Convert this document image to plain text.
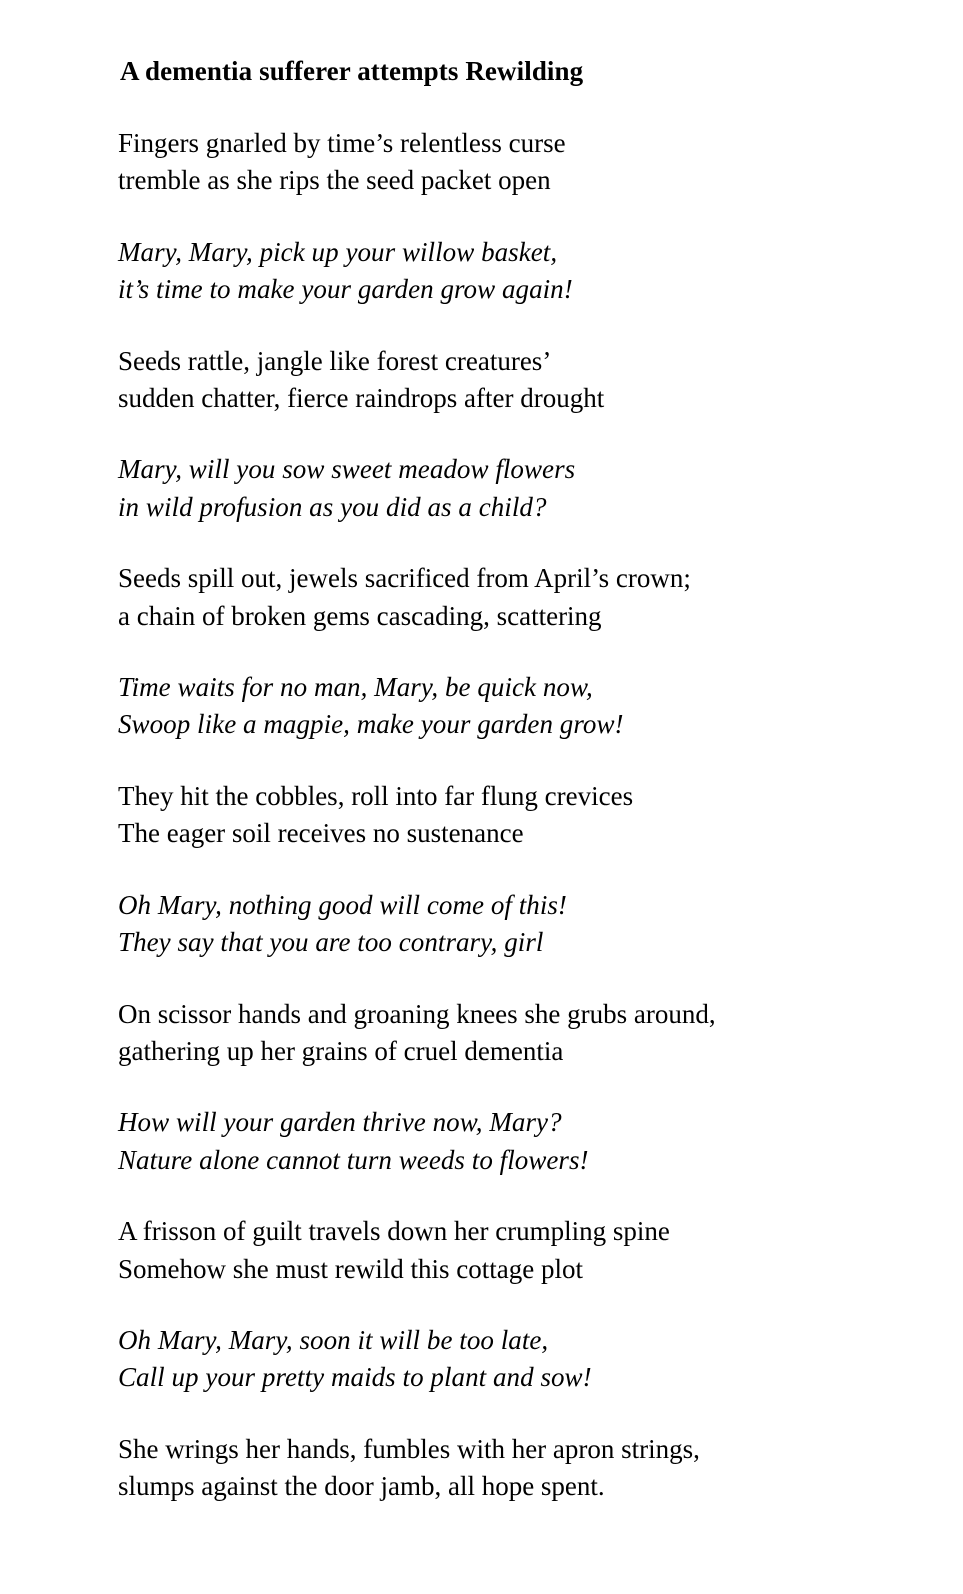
A dementia sufferer attempts Rewilding

Fingers gnarled by time’s relentless curse

tremble as she rips the seed packet open

Mary, Mary, pick up your willow basket,

it’s time to make your garden grow again!

Seeds rattle, jangle like forest creatures’

sudden chatter, fierce raindrops after drought

Mary, will you sow sweet meadow flowers

in wild profusion as you did as a child?

Seeds spill out, jewels sacrificed from April’s crown;

a chain of broken gems cascading, scattering

Time waits for no man, Mary, be quick now,

Swoop like a magpie, make your garden grow!

They hit the cobbles, roll into far flung crevices

The eager soil receives no sustenance

Oh Mary, nothing good will come of this!

They say that you are too contrary, girl

On scissor hands and groaning knees she grubs around,

gathering up her grains of cruel dementia

How will your garden thrive now, Mary?

Nature alone cannot turn weeds to flowers!

A frisson of guilt travels down her crumpling spine

Somehow she must rewild this cottage plot

Oh Mary, Mary, soon it will be too late,

Call up your pretty maids to plant and sow!

She wrings her hands, fumbles with her apron strings,

slumps against the door jamb, all hope spent.
